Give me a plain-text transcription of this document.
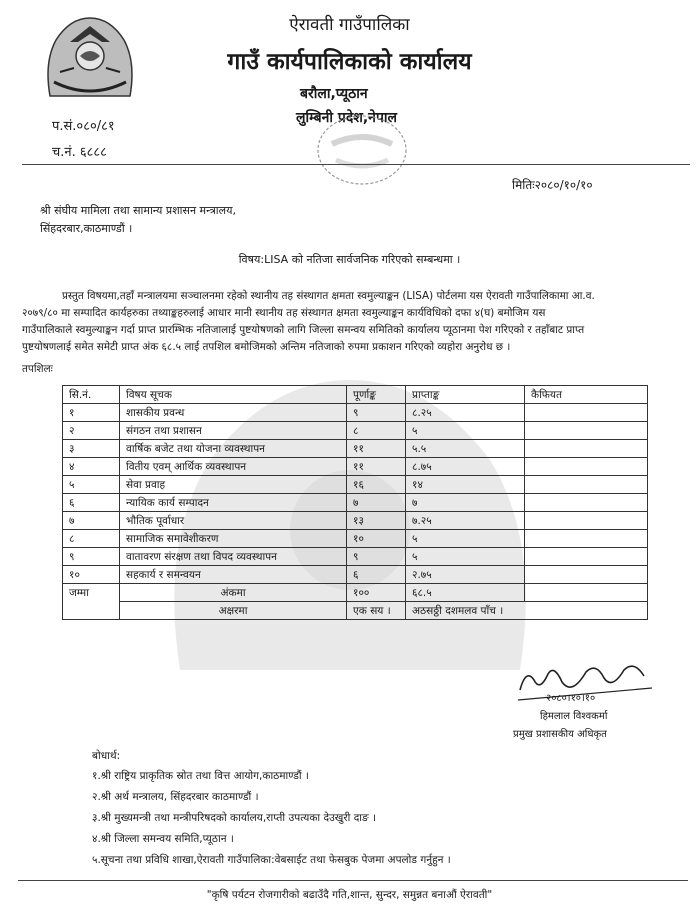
ऐरावती गाउँपालिका
गाउँ कार्यपालिकाको कार्यालय
बरौला,प्यूठान
लुम्बिनी प्रदेश,नेपाल
प.सं.०८०/८१
च.नं. ६८८८
मितिः२०८०/१०/१०
श्री संघीय मामिला तथा सामान्य प्रशासन मन्त्रालय,
सिंहदरबार,काठमाण्डौं ।
विषय:LISA को नतिजा सार्वजनिक गरिएको सम्बन्धमा ।
प्रस्तुत विषयमा,तहाँ मन्त्रालयमा सञ्चालनमा रहेको स्थानीय तह संस्थागत क्षमता स्वमुल्याङ्कन (LISA) पोर्टलमा यस ऐरावती गाउँपालिकामा आ.व.
२०७९/८० मा सम्पादित कार्यहरुका तथ्याङ्कहरुलाई आधार मानी स्थानीय तह संस्थागत क्षमता स्वमुल्याङ्कन कार्यविधिको दफा ४(घ) बमोजिम यस
गाउँपालिकाले स्वमुल्याङ्कन गर्दा प्राप्त प्रारम्भिक नतिजालाई पुष्टयोषणको लागि जिल्ला समन्वय समितिको कार्यालय प्यूठानमा पेश गरिएको र तहाँबाट प्राप्त
पुष्टयोषणलाई समेत समेटी प्राप्त अंक ६८.५ लाई तपशिल बमोजिमको अन्तिम नतिजाको रुपमा प्रकाशन गरिएको व्यहोरा अनुरोध छ ।
तपशिलः
सि.नं.	विषय सूचक	पूर्णाङ्क	प्राप्ताङ्क	कैफियत
१	शासकीय प्रवन्ध	९	८.२५	
२	संगठन तथा प्रशासन	८	५	
३	वार्षिक बजेट तथा योजना व्यवस्थापन	११	५.५	
४	वितीय एवम् आर्थिक व्यवस्थापन	११	८.७५	
५	सेवा प्रवाह	१६	१४	
६	न्यायिक कार्य सम्पादन	७	७	
७	भौतिक पूर्वाधार	१३	७.२५	
८	सामाजिक समावेशीकरण	१०	५	
९	वातावरण संरक्षण तथा विपद व्यवस्थापन	९	५	
१०	सहकार्य र समन्वयन	६	२.७५	
जम्मा	अंकमा	१००	६८.५	
	अक्षरमा	एक सय ।	अठसठ्ठी दशमलव पाँच ।	
२०८०।१०।१०
हिमलाल विश्वकर्मा
प्रमुख प्रशासकीय अधिकृत
बोधार्थ:
१.श्री राष्ट्रिय प्राकृतिक स्रोत तथा वित्त आयोग,काठमाण्डौं ।
२.श्री अर्थ मन्त्रालय, सिंहदरबार काठमाण्डौं ।
३.श्री मुख्यमन्त्री तथा मन्त्रीपरिषदको कार्यालय,राप्ती उपत्यका देउखुरी दाङ ।
४.श्री जिल्ला समन्वय समिति,प्यूठान ।
५.सूचना तथा प्रविधि शाखा,ऐरावती गाउँपालिका:वेबसाईट तथा फेसबुक पेजमा अपलोड गर्नुहुन ।
"कृषि पर्यटन रोजगारीको बढाउँदै गति,शान्त, सुन्दर, समुन्नत बनाऔं ऐरावती"
